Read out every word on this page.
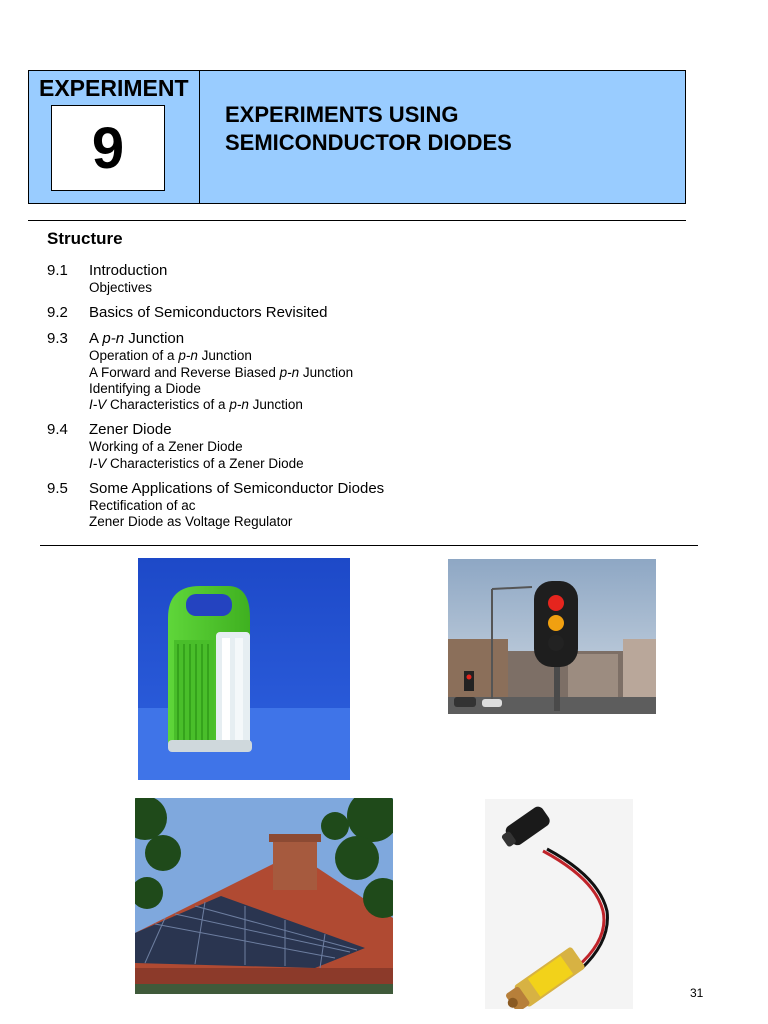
EXPERIMENT
9
EXPERIMENTS USING
SEMICONDUCTOR DIODES
Structure
9.1 Introduction
Objectives
9.2 Basics of Semiconductors Revisited
9.3 A p-n Junction
Operation of a p-n Junction
A Forward and Reverse Biased p-n Junction
Identifying a Diode
I-V Characteristics of a p-n Junction
9.4 Zener Diode
Working of a Zener Diode
I-V Characteristics of a Zener Diode
9.5 Some Applications of Semiconductor Diodes
Rectification of ac
Zener Diode as Voltage Regulator
31
